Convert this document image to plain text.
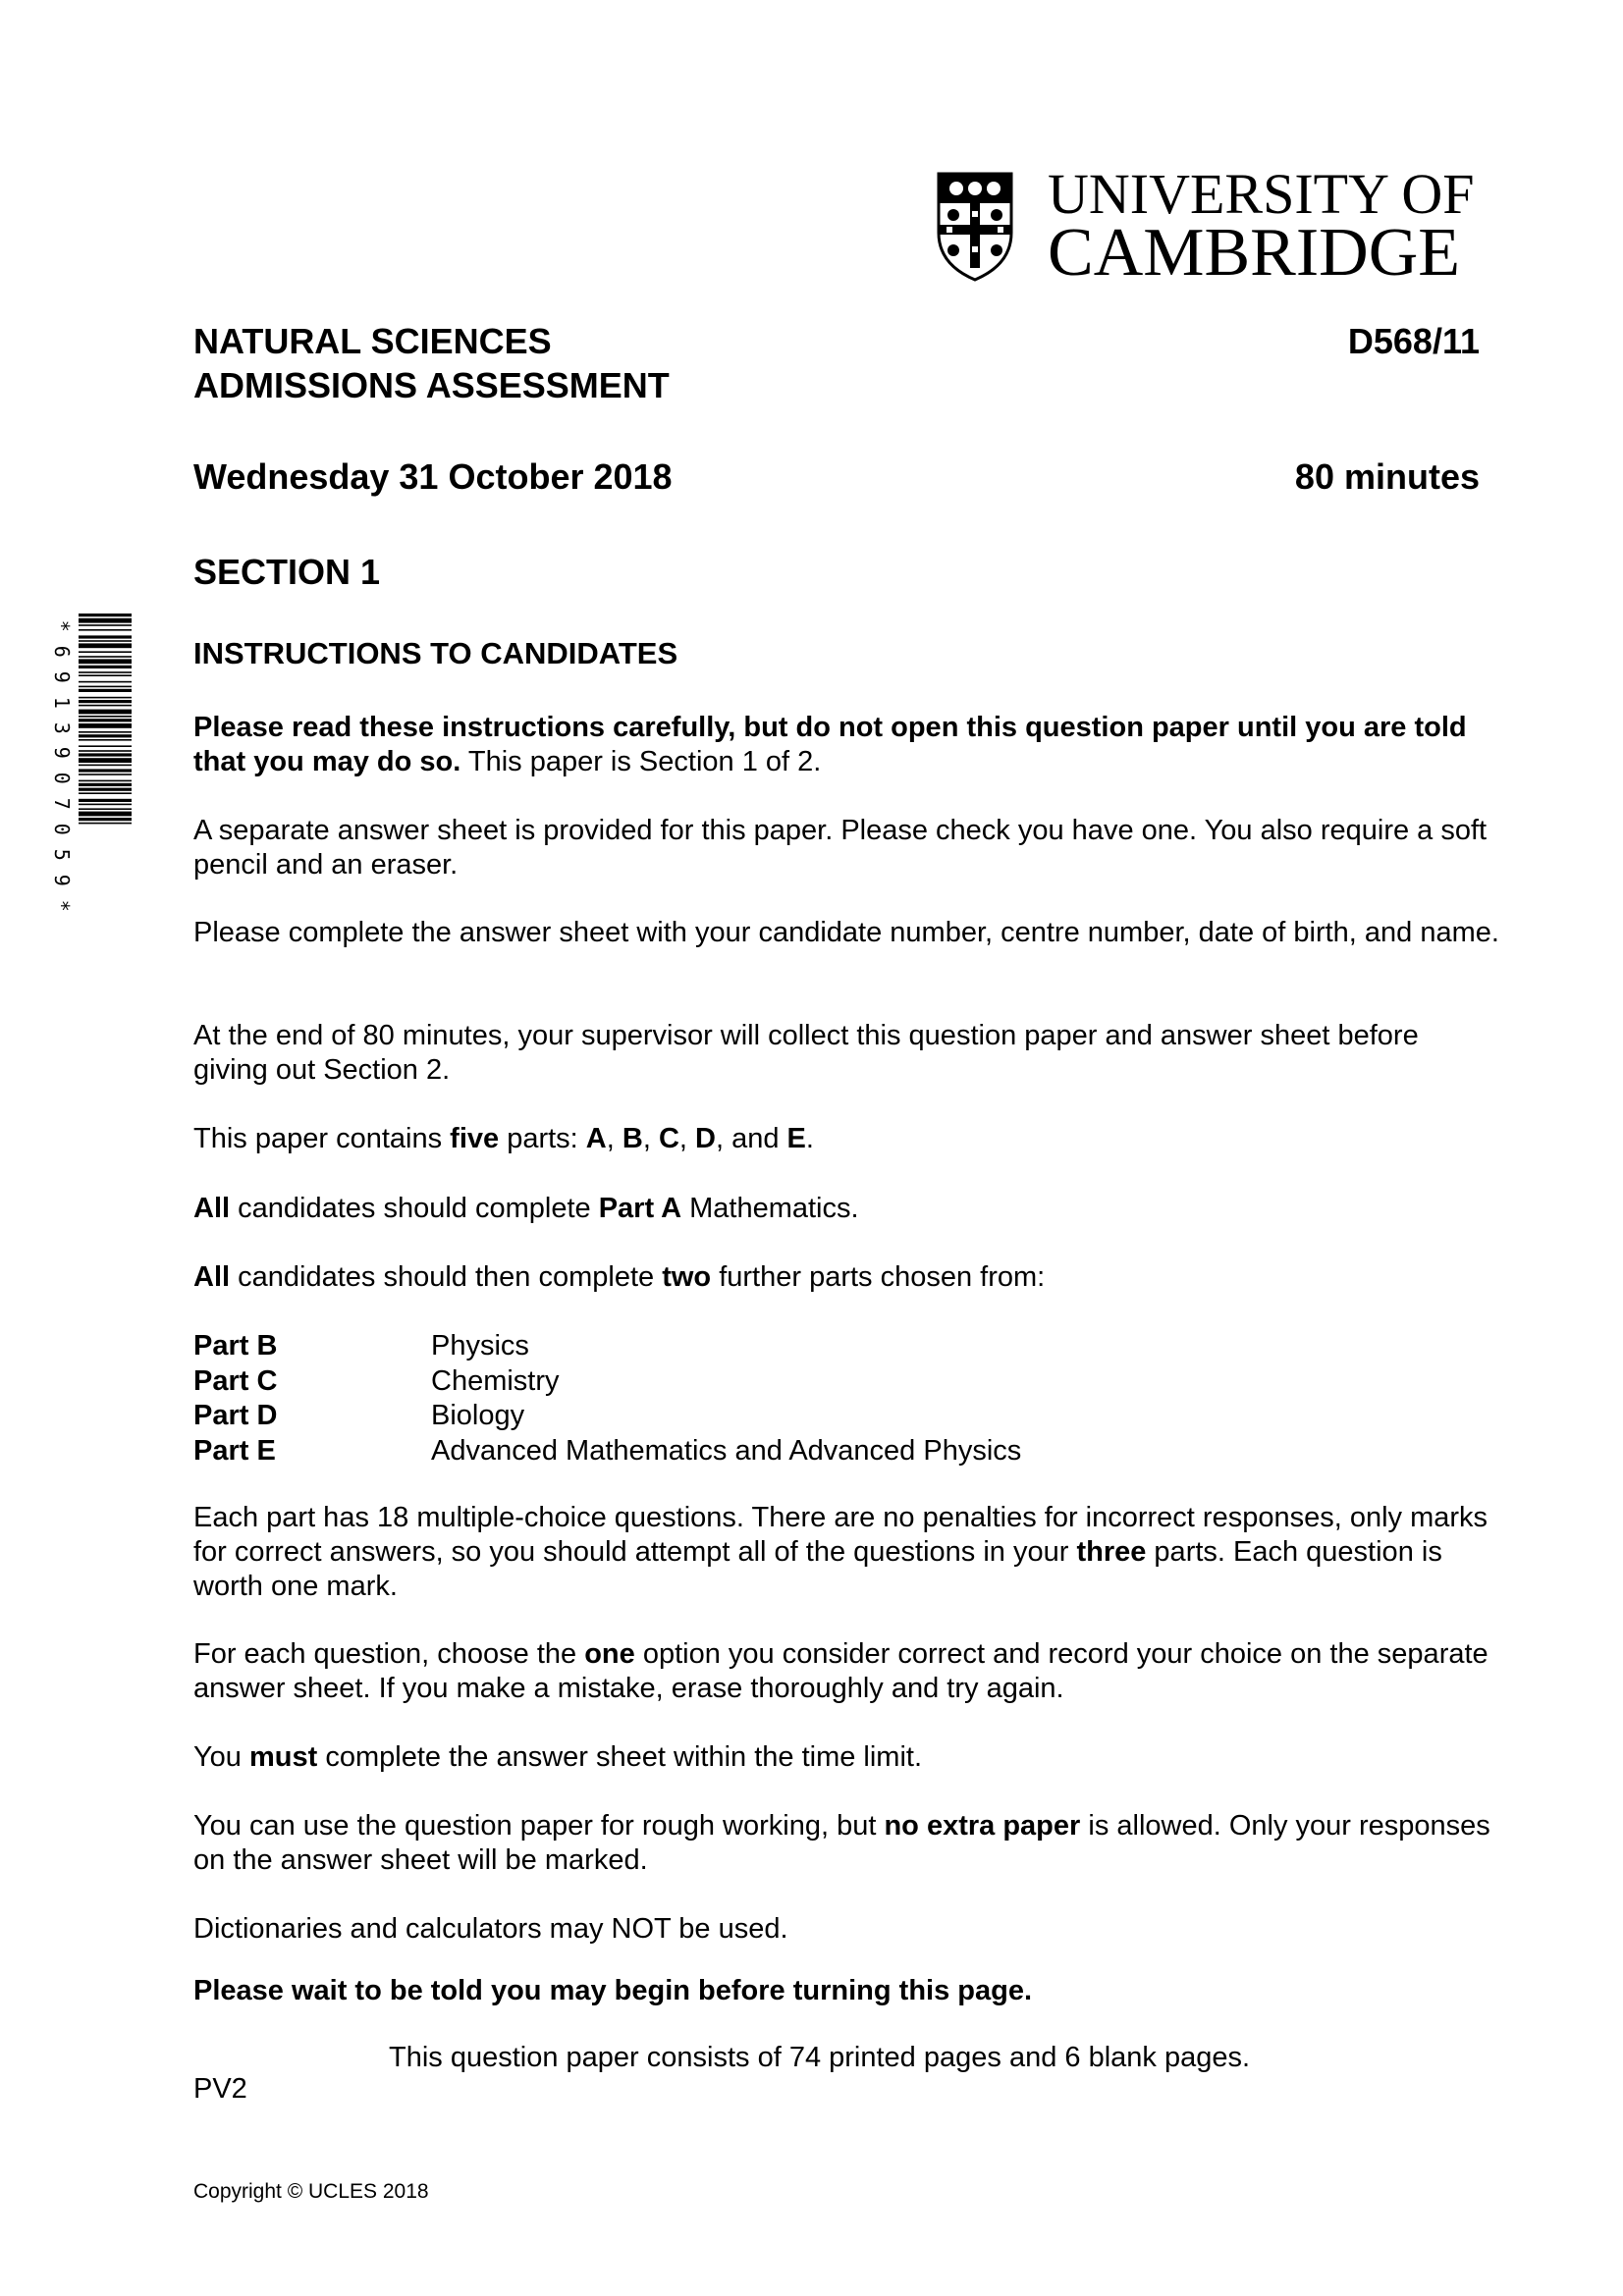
UNIVERSITY OF
CAMBRIDGE
NATURAL SCIENCES
ADMISSIONS ASSESSMENT
D568/11
Wednesday 31 October 2018	80 minutes
SECTION 1
INSTRUCTIONS TO CANDIDATES
*
6
9
1
3
9
0
7
0
5
9
*
Please read these instructions carefully, but do not open this question paper until you are told that you may do so. This paper is Section 1 of 2.
A separate answer sheet is provided for this paper. Please check you have one. You also require a soft pencil and an eraser.
Please complete the answer sheet with your candidate number, centre number, date of birth, and name.
At the end of 80 minutes, your supervisor will collect this question paper and answer sheet before giving out Section 2.
This paper contains five parts: A, B, C, D, and E.
All candidates should complete Part A Mathematics.
All candidates should then complete two further parts chosen from:
Part B	Physics
Part C	Chemistry
Part D	Biology
Part E	Advanced Mathematics and Advanced Physics
Each part has 18 multiple-choice questions. There are no penalties for incorrect responses, only marks for correct answers, so you should attempt all of the questions in your three parts. Each question is worth one mark.
For each question, choose the one option you consider correct and record your choice on the separate answer sheet. If you make a mistake, erase thoroughly and try again.
You must complete the answer sheet within the time limit.
You can use the question paper for rough working, but no extra paper is allowed. Only your responses on the answer sheet will be marked.
Dictionaries and calculators may NOT be used.
Please wait to be told you may begin before turning this page.
This question paper consists of 74 printed pages and 6 blank pages.
PV2
Copyright © UCLES 2018
